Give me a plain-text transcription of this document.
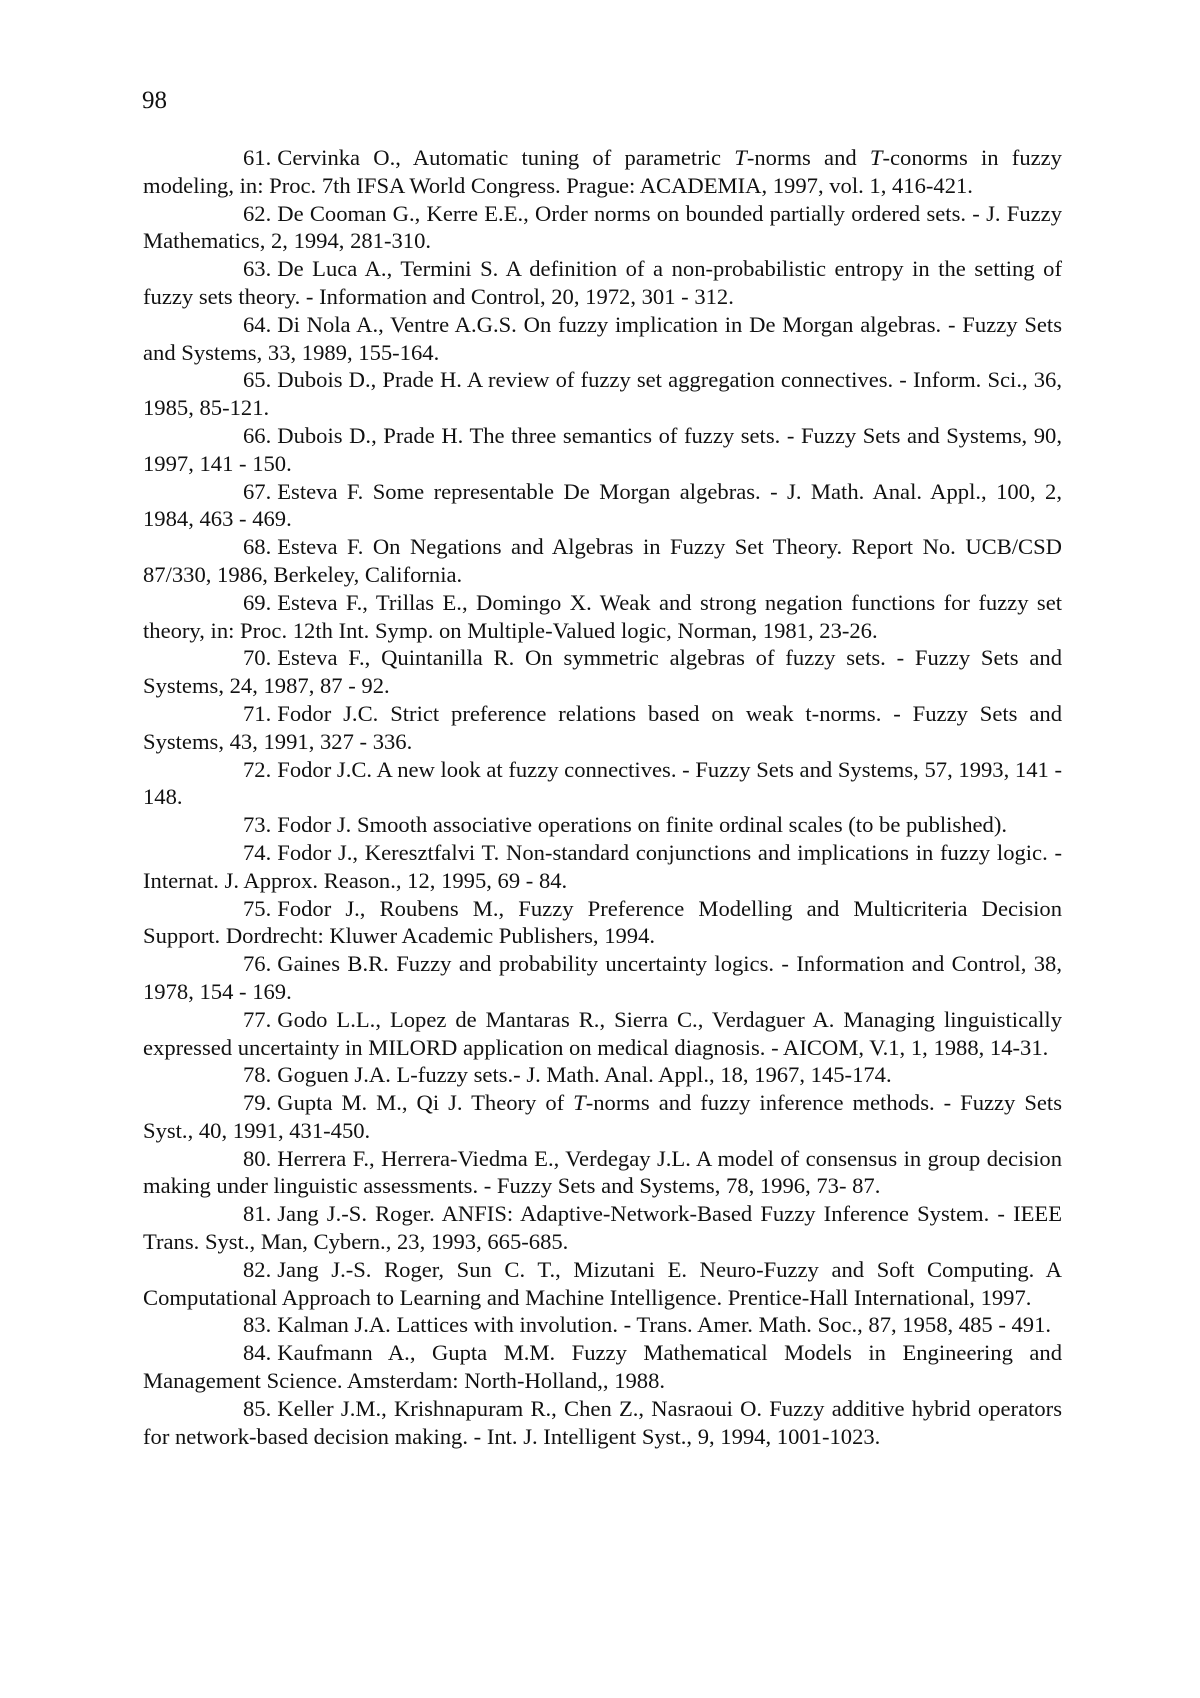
98

61. Cervinka O., Automatic tuning of parametric T-norms and T-conorms in fuzzy modeling, in: Proc. 7th IFSA World Congress. Prague: ACADEMIA, 1997, vol. 1, 416-421.

62. De Cooman G., Kerre E.E., Order norms on bounded partially ordered sets. - J. Fuzzy Mathematics, 2, 1994, 281-310.

63. De Luca A., Termini S. A definition of a non-probabilistic entropy in the setting of fuzzy sets theory. - Information and Control, 20, 1972, 301 - 312.

64. Di Nola A., Ventre A.G.S. On fuzzy implication in De Morgan algebras. - Fuzzy Sets and Systems, 33, 1989, 155-164.

65. Dubois D., Prade H. A review of fuzzy set aggregation connectives. - Inform. Sci., 36, 1985, 85-121.

66. Dubois D., Prade H. The three semantics of fuzzy sets. - Fuzzy Sets and Systems, 90, 1997, 141 - 150.

67. Esteva F. Some representable De Morgan algebras. - J. Math. Anal. Appl., 100, 2, 1984, 463 - 469.

68. Esteva F. On Negations and Algebras in Fuzzy Set Theory. Report No. UCB/CSD 87/330, 1986, Berkeley, California.

69. Esteva F., Trillas E., Domingo X. Weak and strong negation functions for fuzzy set theory, in: Proc. 12th Int. Symp. on Multiple-Valued logic, Norman, 1981, 23-26.

70. Esteva F., Quintanilla R. On symmetric algebras of fuzzy sets. - Fuzzy Sets and Systems, 24, 1987, 87 - 92.

71. Fodor J.C. Strict preference relations based on weak t-norms. - Fuzzy Sets and Systems, 43, 1991, 327 - 336.

72. Fodor J.C. A new look at fuzzy connectives. - Fuzzy Sets and Systems, 57, 1993, 141 - 148.

73. Fodor J. Smooth associative operations on finite ordinal scales (to be published).

74. Fodor J., Keresztfalvi T. Non-standard conjunctions and implications in fuzzy logic. - Internat. J. Approx. Reason., 12, 1995, 69 - 84.

75. Fodor J., Roubens M., Fuzzy Preference Modelling and Multicriteria Decision Support. Dordrecht: Kluwer Academic Publishers, 1994.

76. Gaines B.R. Fuzzy and probability uncertainty logics. - Information and Control, 38, 1978, 154 - 169.

77. Godo L.L., Lopez de Mantaras R., Sierra C., Verdaguer A. Managing linguistically expressed uncertainty in MILORD application on medical diagnosis. - AICOM, V.1, 1, 1988, 14-31.

78. Goguen J.A. L-fuzzy sets.- J. Math. Anal. Appl., 18, 1967, 145-174.

79. Gupta M. M., Qi J. Theory of T-norms and fuzzy inference methods. - Fuzzy Sets Syst., 40, 1991, 431-450.

80. Herrera F., Herrera-Viedma E., Verdegay J.L. A model of consensus in group decision making under linguistic assessments. - Fuzzy Sets and Systems, 78, 1996, 73- 87.

81. Jang J.-S. Roger. ANFIS: Adaptive-Network-Based Fuzzy Inference System. - IEEE Trans. Syst., Man, Cybern., 23, 1993, 665-685.

82. Jang J.-S. Roger, Sun C. T., Mizutani E. Neuro-Fuzzy and Soft Computing. A Computational Approach to Learning and Machine Intelligence. Prentice-Hall International, 1997.

83. Kalman J.A. Lattices with involution. - Trans. Amer. Math. Soc., 87, 1958, 485 - 491.

84. Kaufmann A., Gupta M.M. Fuzzy Mathematical Models in Engineering and Management Science. Amsterdam: North-Holland,, 1988.

85. Keller J.M., Krishnapuram R., Chen Z., Nasraoui O. Fuzzy additive hybrid operators for network-based decision making. - Int. J. Intelligent Syst., 9, 1994, 1001-1023.
